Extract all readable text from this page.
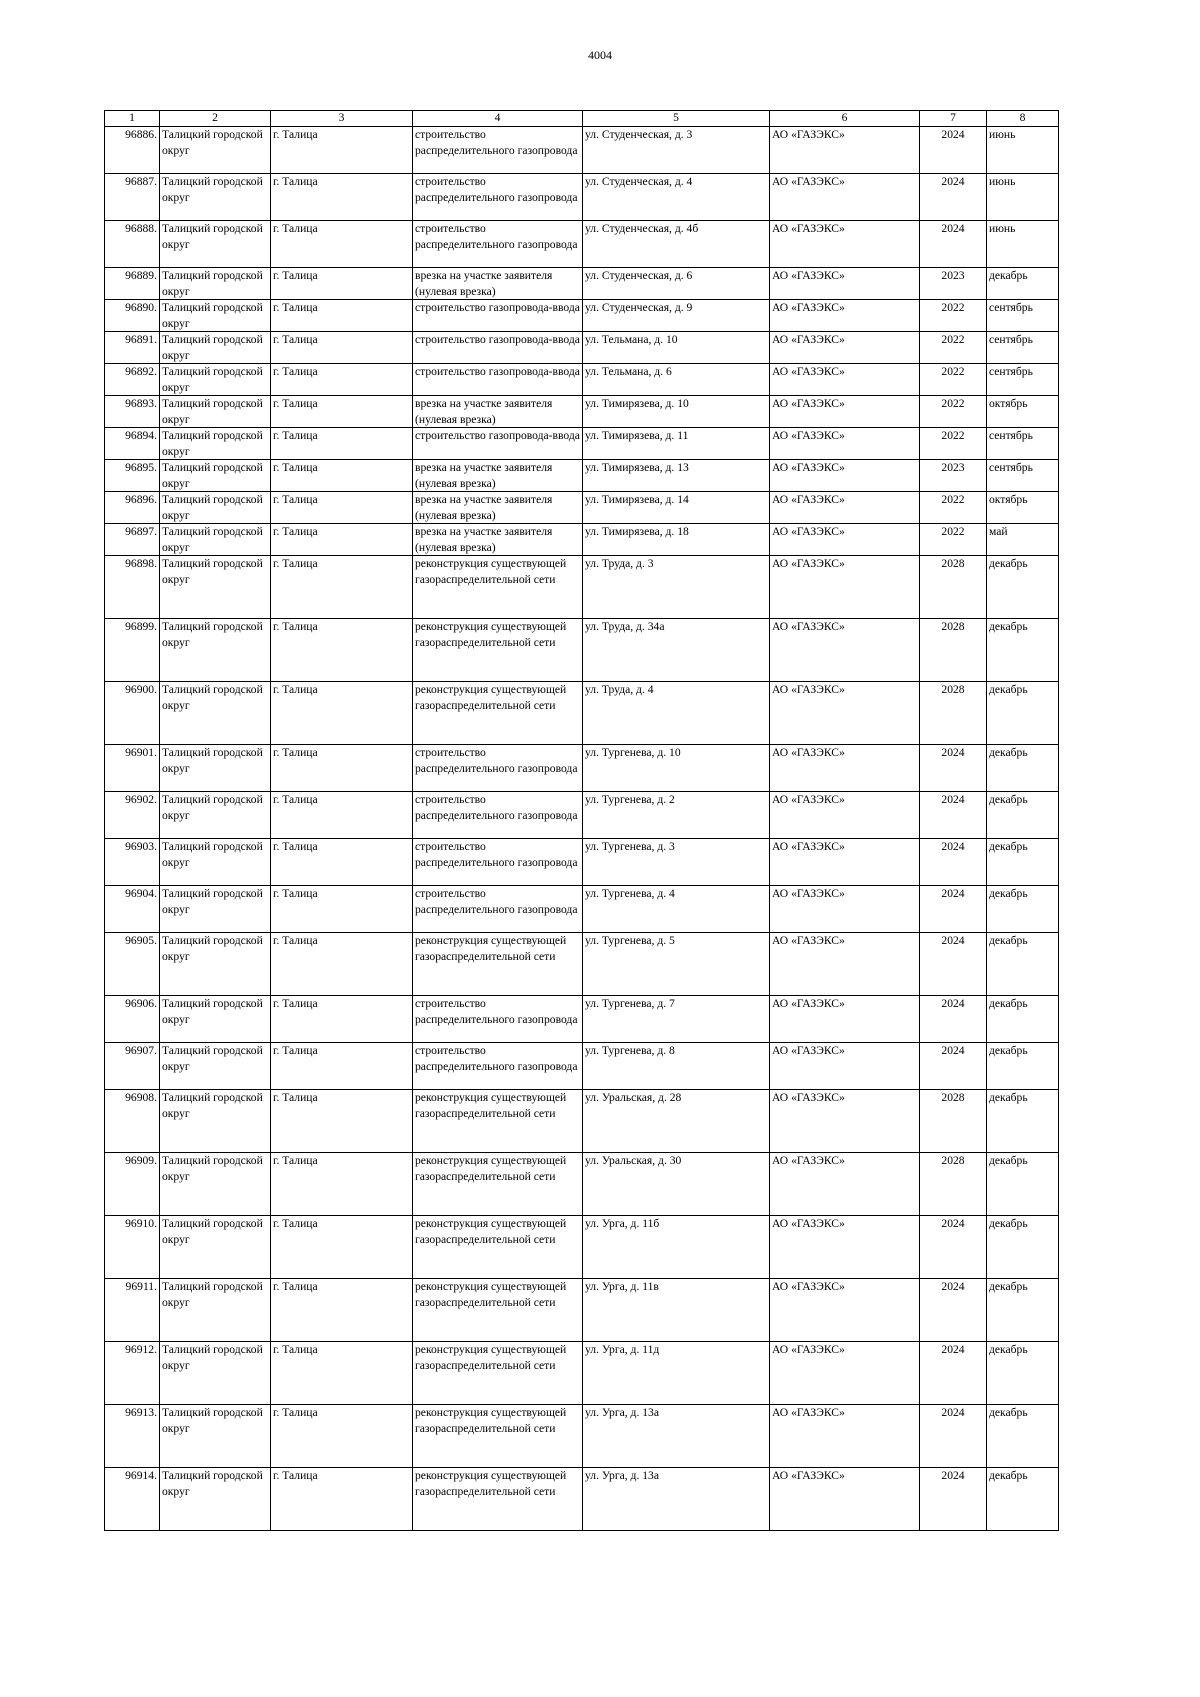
4004
1	2	3	4	5	6	7	8
96886.	Талицкий городской округ	г. Талица	строительство распределительного газопровода	ул. Студенческая, д. 3	АО «ГАЗЭКС»	2024	июнь
96887.	Талицкий городской округ	г. Талица	строительство распределительного газопровода	ул. Студенческая, д. 4	АО «ГАЗЭКС»	2024	июнь
96888.	Талицкий городской округ	г. Талица	строительство распределительного газопровода	ул. Студенческая, д. 4б	АО «ГАЗЭКС»	2024	июнь
96889.	Талицкий городской округ	г. Талица	врезка на участке заявителя (нулевая врезка)	ул. Студенческая, д. 6	АО «ГАЗЭКС»	2023	декабрь
96890.	Талицкий городской округ	г. Талица	строительство газопровода-ввода	ул. Студенческая, д. 9	АО «ГАЗЭКС»	2022	сентябрь
96891.	Талицкий городской округ	г. Талица	строительство газопровода-ввода	ул. Тельмана, д. 10	АО «ГАЗЭКС»	2022	сентябрь
96892.	Талицкий городской округ	г. Талица	строительство газопровода-ввода	ул. Тельмана, д. 6	АО «ГАЗЭКС»	2022	сентябрь
96893.	Талицкий городской округ	г. Талица	врезка на участке заявителя (нулевая врезка)	ул. Тимирязева, д. 10	АО «ГАЗЭКС»	2022	октябрь
96894.	Талицкий городской округ	г. Талица	строительство газопровода-ввода	ул. Тимирязева, д. 11	АО «ГАЗЭКС»	2022	сентябрь
96895.	Талицкий городской округ	г. Талица	врезка на участке заявителя (нулевая врезка)	ул. Тимирязева, д. 13	АО «ГАЗЭКС»	2023	сентябрь
96896.	Талицкий городской округ	г. Талица	врезка на участке заявителя (нулевая врезка)	ул. Тимирязева, д. 14	АО «ГАЗЭКС»	2022	октябрь
96897.	Талицкий городской округ	г. Талица	врезка на участке заявителя (нулевая врезка)	ул. Тимирязева, д. 18	АО «ГАЗЭКС»	2022	май
96898.	Талицкий городской округ	г. Талица	реконструкция существующей газораспределительной сети	ул. Труда, д. 3	АО «ГАЗЭКС»	2028	декабрь
96899.	Талицкий городской округ	г. Талица	реконструкция существующей газораспределительной сети	ул. Труда, д. 34а	АО «ГАЗЭКС»	2028	декабрь
96900.	Талицкий городской округ	г. Талица	реконструкция существующей газораспределительной сети	ул. Труда, д. 4	АО «ГАЗЭКС»	2028	декабрь
96901.	Талицкий городской округ	г. Талица	строительство распределительного газопровода	ул. Тургенева, д. 10	АО «ГАЗЭКС»	2024	декабрь
96902.	Талицкий городской округ	г. Талица	строительство распределительного газопровода	ул. Тургенева, д. 2	АО «ГАЗЭКС»	2024	декабрь
96903.	Талицкий городской округ	г. Талица	строительство распределительного газопровода	ул. Тургенева, д. 3	АО «ГАЗЭКС»	2024	декабрь
96904.	Талицкий городской округ	г. Талица	строительство распределительного газопровода	ул. Тургенева, д. 4	АО «ГАЗЭКС»	2024	декабрь
96905.	Талицкий городской округ	г. Талица	реконструкция существующей газораспределительной сети	ул. Тургенева, д. 5	АО «ГАЗЭКС»	2024	декабрь
96906.	Талицкий городской округ	г. Талица	строительство распределительного газопровода	ул. Тургенева, д. 7	АО «ГАЗЭКС»	2024	декабрь
96907.	Талицкий городской округ	г. Талица	строительство распределительного газопровода	ул. Тургенева, д. 8	АО «ГАЗЭКС»	2024	декабрь
96908.	Талицкий городской округ	г. Талица	реконструкция существующей газораспределительной сети	ул. Уральская, д. 28	АО «ГАЗЭКС»	2028	декабрь
96909.	Талицкий городской округ	г. Талица	реконструкция существующей газораспределительной сети	ул. Уральская, д. 30	АО «ГАЗЭКС»	2028	декабрь
96910.	Талицкий городской округ	г. Талица	реконструкция существующей газораспределительной сети	ул. Урга, д. 11б	АО «ГАЗЭКС»	2024	декабрь
96911.	Талицкий городской округ	г. Талица	реконструкция существующей газораспределительной сети	ул. Урга, д. 11в	АО «ГАЗЭКС»	2024	декабрь
96912.	Талицкий городской округ	г. Талица	реконструкция существующей газораспределительной сети	ул. Урга, д. 11д	АО «ГАЗЭКС»	2024	декабрь
96913.	Талицкий городской округ	г. Талица	реконструкция существующей газораспределительной сети	ул. Урга, д. 13а	АО «ГАЗЭКС»	2024	декабрь
96914.	Талицкий городской округ	г. Талица	реконструкция существующей газораспределительной сети	ул. Урга, д. 13а	АО «ГАЗЭКС»	2024	декабрь
